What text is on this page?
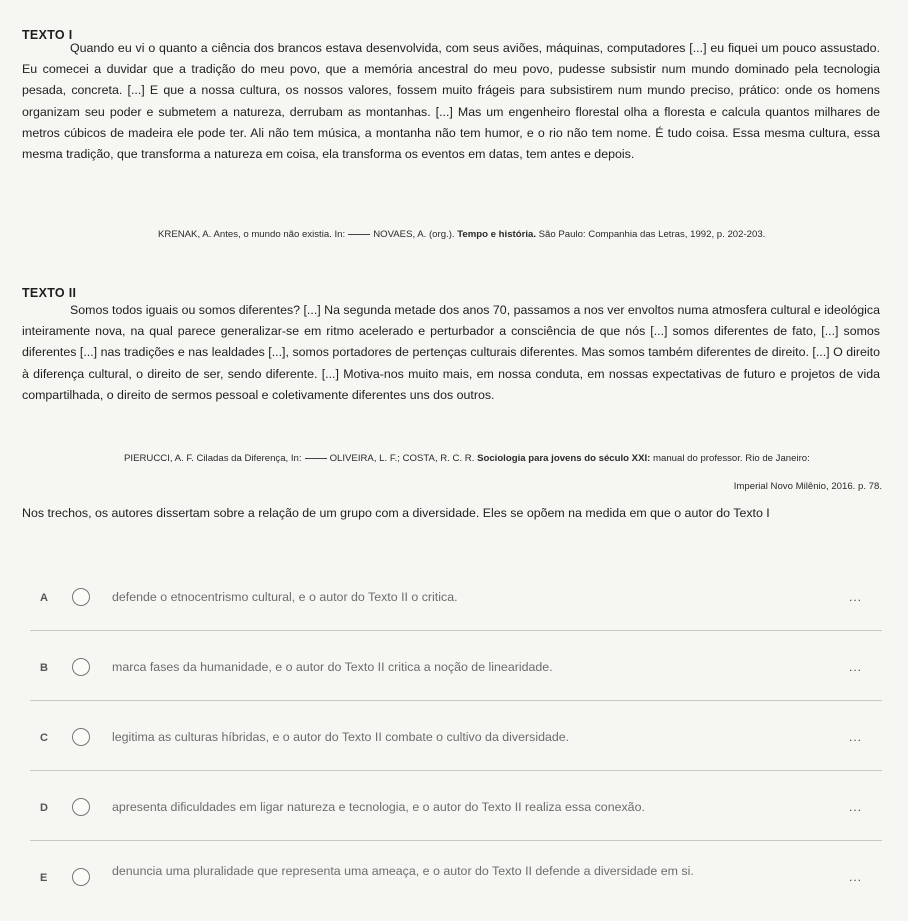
TEXTO I
Quando eu vi o quanto a ciência dos brancos estava desenvolvida, com seus aviões, máquinas, computadores [...] eu fiquei um pouco assustado. Eu comecei a duvidar que a tradição do meu povo, que a memória ancestral do meu povo, pudesse subsistir num mundo dominado pela tecnologia pesada, concreta. [...] E que a nossa cultura, os nossos valores, fossem muito frágeis para subsistirem num mundo preciso, prático: onde os homens organizam seu poder e submetem a natureza, derrubam as montanhas. [...] Mas um engenheiro florestal olha a floresta e calcula quantos milhares de metros cúbicos de madeira ele pode ter. Ali não tem música, a montanha não tem humor, e o rio não tem nome. É tudo coisa. Essa mesma cultura, essa mesma tradição, que transforma a natureza em coisa, ela transforma os eventos em datas, tem antes e depois.
KRENAK, A. Antes, o mundo não existia. In:	NOVAES, A. (org.). Tempo e história. São Paulo: Companhia das Letras, 1992, p. 202-203.
TEXTO II
Somos todos iguais ou somos diferentes? [...] Na segunda metade dos anos 70, passamos a nos ver envoltos numa atmosfera cultural e ideológica inteiramente nova, na qual parece generalizar-se em ritmo acelerado e perturbador a consciência de que nós [...] somos diferentes de fato, [...] somos diferentes [...] nas tradições e nas lealdades [...], somos portadores de pertenças culturais diferentes. Mas somos também diferentes de direito. [...] O direito à diferença cultural, o direito de ser, sendo diferente. [...] Motiva-nos muito mais, em nossa conduta, em nossas expectativas de futuro e projetos de vida compartilhada, o direito de sermos pessoal e coletivamente diferentes uns dos outros.
PIERUCCI, A. F. Ciladas da Diferença, In:	OLIVEIRA, L. F.; COSTA, R. C. R. Sociologia para jovens do século XXI: manual do professor. Rio de Janeiro:
Imperial Novo Milênio, 2016. p. 78.
Nos trechos, os autores dissertam sobre a relação de um grupo com a diversidade. Eles se opõem na medida em que o autor do Texto I
A	defende o etnocentrismo cultural, e o autor do Texto II o critica.	...
B	marca fases da humanidade, e o autor do Texto II critica a noção de linearidade.	...
C	legitima as culturas híbridas, e o autor do Texto II combate o cultivo da diversidade.	...
D	apresenta dificuldades em ligar natureza e tecnologia, e o autor do Texto II realiza essa conexão.	...
E	denuncia uma pluralidade que representa uma ameaça, e o autor do Texto II defende a diversidade em si.	...
